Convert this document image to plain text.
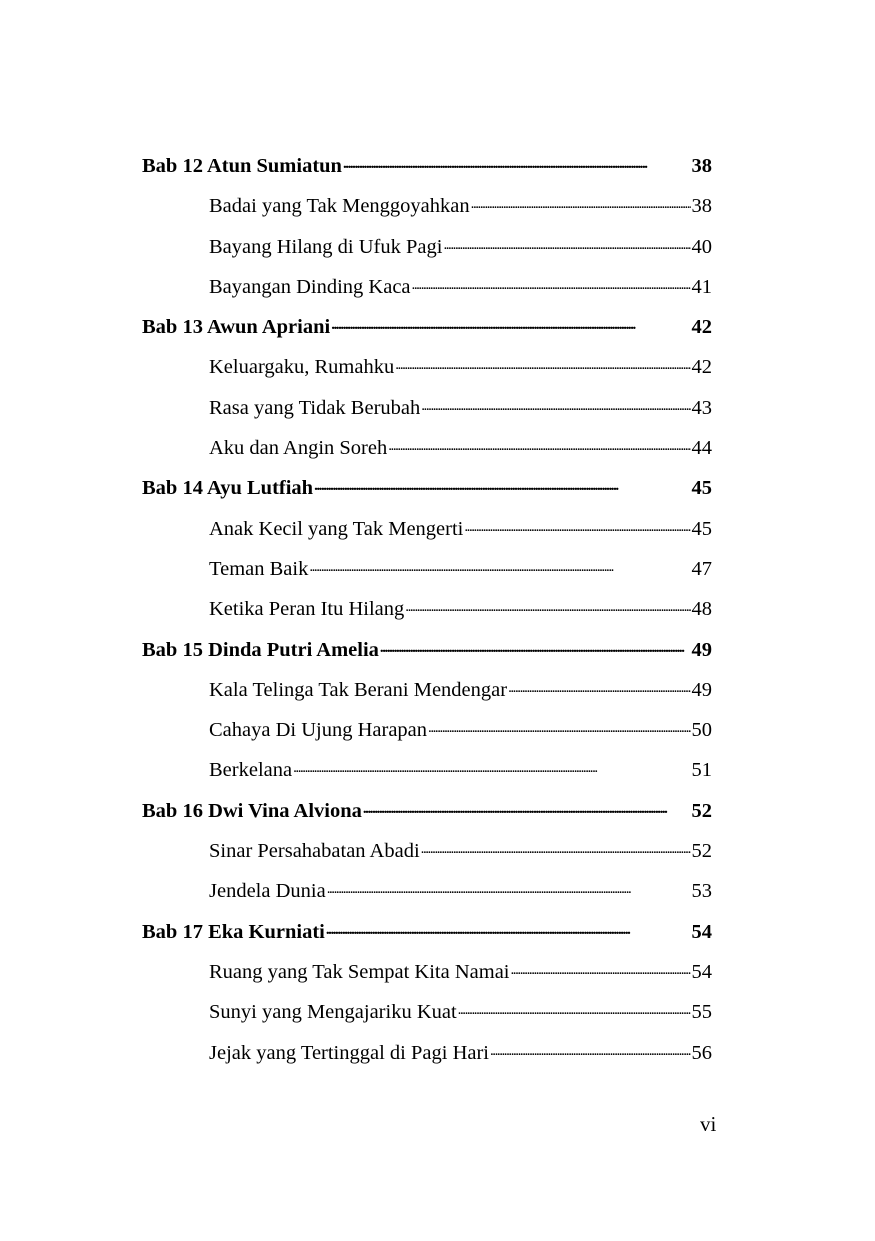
Bab 12 Atun Sumiatun . . .	38
Badai yang Tak Menggoyahkan . . .	38
Bayang Hilang di Ufuk Pagi . . .	40
Bayangan Dinding Kaca . . .	41
Bab 13 Awun Apriani . . .	42
Keluargaku, Rumahku . . .	42
Rasa yang Tidak Berubah . . .	43
Aku dan Angin Soreh . . .	44
Bab 14 Ayu Lutfiah . . .	45
Anak Kecil yang Tak Mengerti . . .	45
Teman Baik . . .	47
Ketika Peran Itu Hilang . . .	48
Bab 15 Dinda Putri Amelia . . .	49
Kala Telinga Tak Berani Mendengar . . .	49
Cahaya Di Ujung Harapan . . .	50
Berkelana . . .	51
Bab 16 Dwi Vina Alviona . . .	52
Sinar Persahabatan Abadi . . .	52
Jendela Dunia . . .	53
Bab 17 Eka Kurniati . . .	54
Ruang yang Tak Sempat Kita Namai . . .	54
Sunyi yang Mengajariku Kuat . . .	55
Jejak yang Tertinggal di Pagi Hari . . .	56
vi
